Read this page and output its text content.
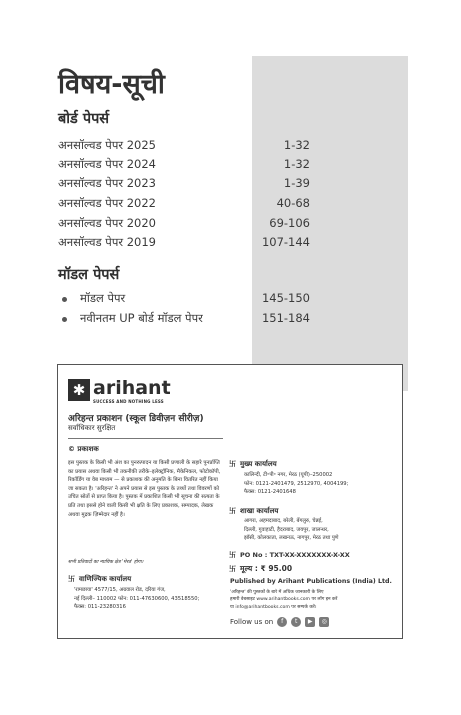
विषय-सूची
बोर्ड पेपर्स
अनसॉल्वड पेपर 2025	1-32
अनसॉल्वड पेपर 2024	1-32
अनसॉल्वड पेपर 2023	1-39
अनसॉल्वड पेपर 2022	40-68
अनसॉल्वड पेपर 2020	69-106
अनसॉल्वड पेपर 2019	107-144
मॉडल पेपर्स
मॉडल पेपर	145-150
नवीनतम UP बोर्ड मॉडल पेपर	151-184
✱ arihant
SUCCESS AND NOTHING LESS
अरिहन्त प्रकाशन (स्कूल डिवीज़न सीरीज़)
सर्वाधिकार सुरक्षित
© प्रकाशक
इस पुस्तक के किसी भी अंश का पुनरुत्पादन या किसी प्रणाली के सहारे पुनर्प्राप्ति का प्रयास अथवा किसी भी तकनीकी तरीके–इलेक्ट्रॉनिक, मैकेनिकल, फोटोकॉपी, रिकॉर्डिंग या वेब माध्यम — से प्रकाशक की अनुमति के बिना वितरित नहीं किया जा सकता है। 'अरिहन्त' ने अपने प्रयास से इस पुस्तक के तथ्यों तथा विवरणों को उचित स्रोतों से प्राप्त किया है। पुस्तक में प्रकाशित किसी भी सूचना की सत्यता के प्रति तथा इससे होने वाली किसी भी क्षति के लिए प्रकाशक, सम्पादक, लेखक अथवा मुद्रक ज़िम्मेदार नहीं है।
सभी प्रतिवादों का न्यायिक क्षेत्र 'मेरठ' होगा।
卐 वाणिज्यिक कार्यालय
'रामछाया' 4577/15, अग्रवाल रोड, दरिया गंज,
नई दिल्ली– 110002 फोन: 011-47630600, 43518550;
फैक्स: 011-23280316
卐 मुख्य कार्यालय
कालिन्दी, टी॰पी॰ नगर, मेरठ (यूपी)–250002
फोन: 0121-2401479, 2512970, 4004199;
फैक्स: 0121-2401648
卐 शाखा कार्यालय
आगरा, अहमदाबाद, बरेली, बेंगलुरु, चेन्नई,
दिल्ली, गुवाहाटी, हैदराबाद, जयपुर, जालन्धर,
झाँसी, कोलकाता, लखनऊ, नागपुर, मेरठ तथा पुणे
卐 PO No : TXT-XX-XXXXXXX-X-XX
卐 मूल्य : ₹ 95.00
Published by Arihant Publications (India) Ltd.
'अरिहन्त' की पुस्तकों के बारे में अधिक जानकारी के लिए
हमारी वेबसाइट www.arihantbooks.com पर लॉग इन करें
या info@arihantbooks.com पर सम्पर्क करें।
Follow us on	f	t	▶	◎
